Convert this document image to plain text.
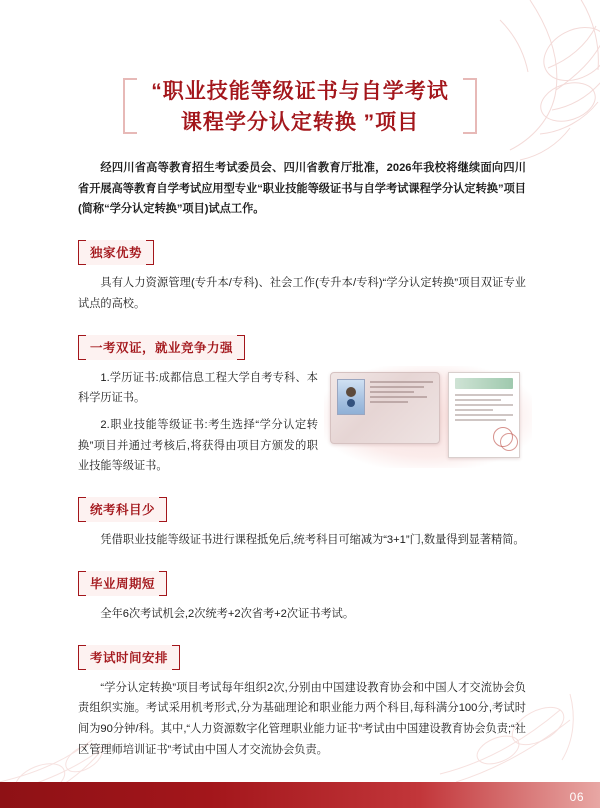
“职业技能等级证书与自学考试
课程学分认定转换 ”项目

经四川省高等教育招生考试委员会、四川省教育厅批准，2026年我校将继续面向四川省开展高等教育自学考试应用型专业“职业技能等级证书与自学考试课程学分认定转换”项目(简称“学分认定转换”项目)试点工作。

独家优势

具有人力资源管理(专升本/专科)、社会工作(专升本/专科)“学分认定转换”项目双证专业试点的高校。

一考双证，就业竞争力强

1.学历证书:成都信息工程大学自考专科、本科学历证书。

2.职业技能等级证书:考生选择“学分认定转换”项目并通过考核后,将获得由项目方颁发的职业技能等级证书。

统考科目少

凭借职业技能等级证书进行课程抵免后,统考科目可缩减为“3+1”门,数量得到显著精简。

毕业周期短

全年6次考试机会,2次统考+2次省考+2次证书考试。

考试时间安排

“学分认定转换”项目考试每年组织2次,分别由中国建设教育协会和中国人才交流协会负责组织实施。考试采用机考形式,分为基础理论和职业能力两个科目,每科满分100分,考试时间为90分钟/科。其中,“人力资源数字化管理职业能力证书”考试由中国建设教育协会负责;“社区管理师培训证书”考试由中国人才交流协会负责。

06
